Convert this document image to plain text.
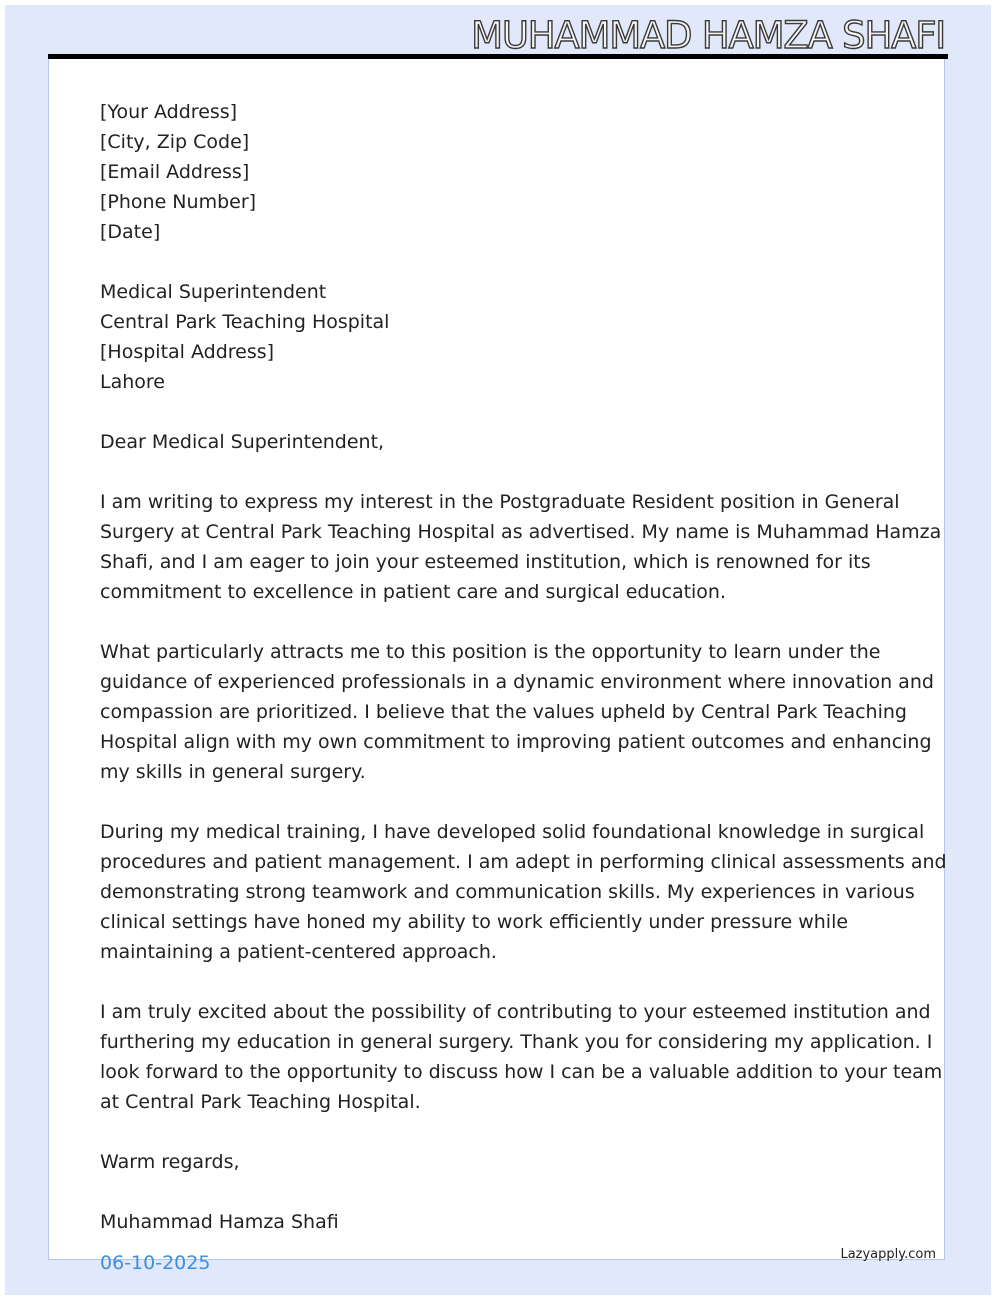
MUHAMMAD HAMZA SHAFI
[Your Address]
[City, Zip Code]
[Email Address]
[Phone Number]
[Date]
Medical Superintendent
Central Park Teaching Hospital
[Hospital Address]
Lahore
Dear Medical Superintendent,
I am writing to express my interest in the Postgraduate Resident position in General
Surgery at Central Park Teaching Hospital as advertised. My name is Muhammad Hamza
Shafi, and I am eager to join your esteemed institution, which is renowned for its
commitment to excellence in patient care and surgical education.
What particularly attracts me to this position is the opportunity to learn under the
guidance of experienced professionals in a dynamic environment where innovation and
compassion are prioritized. I believe that the values upheld by Central Park Teaching
Hospital align with my own commitment to improving patient outcomes and enhancing
my skills in general surgery.
During my medical training, I have developed solid foundational knowledge in surgical
procedures and patient management. I am adept in performing clinical assessments and
demonstrating strong teamwork and communication skills. My experiences in various
clinical settings have honed my ability to work efficiently under pressure while
maintaining a patient-centered approach.
I am truly excited about the possibility of contributing to your esteemed institution and
furthering my education in general surgery. Thank you for considering my application. I
look forward to the opportunity to discuss how I can be a valuable addition to your team
at Central Park Teaching Hospital.
Warm regards,
Muhammad Hamza Shafi
06-10-2025	Lazyapply.com
